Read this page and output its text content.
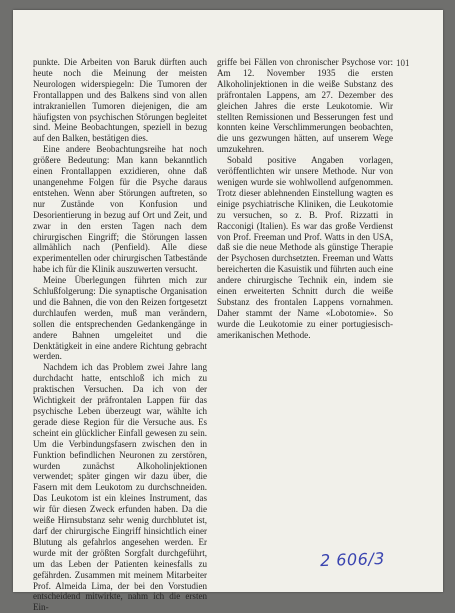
punkte. Die Arbeiten von Baruk dürften auch heute noch die Meinung der meisten Neurologen widerspiegeln: Die Tumoren der Frontallappen und des Balkens sind von allen intrakraniellen Tumoren diejenigen, die am häufigsten von psychischen Störungen begleitet sind. Meine Beobachtungen, speziell in bezug auf den Balken, bestätigen dies.

Eine andere Beobachtungsreihe hat noch größere Bedeutung: Man kann bekanntlich einen Frontallappen exzidieren, ohne daß unangenehme Folgen für die Psyche daraus entstehen. Wenn aber Störungen auftreten, so nur Zustände von Konfusion und Desorientierung in bezug auf Ort und Zeit, und zwar in den ersten Tagen nach dem chirurgischen Eingriff; die Störungen lassen allmählich nach (Penfield). Alle diese experimentellen oder chirurgischen Tatbestände habe ich für die Klinik auszuwerten versucht.

Meine Überlegungen führten mich zur Schlußfolgerung: Die synaptische Organisation und die Bahnen, die von den Reizen fortgesetzt durchlaufen werden, muß man verändern, sollen die entsprechenden Gedankengänge in andere Bahnen umgeleitet und die Denktätigkeit in eine andere Richtung gebracht werden.

Nachdem ich das Problem zwei Jahre lang durchdacht hatte, entschloß ich mich zu praktischen Versuchen. Da ich von der Wichtigkeit der präfrontalen Lappen für das psychische Leben überzeugt war, wählte ich gerade diese Region für die Versuche aus. Es scheint ein glücklicher Einfall gewesen zu sein. Um die Verbindungsfasern zwischen den in Funktion befindlichen Neuronen zu zerstören, wurden zunächst Alkoholinjektionen verwendet; später gingen wir dazu über, die Fasern mit dem Leukotom zu durchschneiden. Das Leukotom ist ein kleines Instrument, das wir für diesen Zweck erfunden haben. Da die weiße Hirnsubstanz sehr wenig durchblutet ist, darf der chirurgische Eingriff hinsichtlich einer Blutung als gefahrlos angesehen werden. Er wurde mit der größten Sorgfalt durchgeführt, um das Leben der Patienten keinesfalls zu gefährden. Zusammen mit meinem Mitarbeiter Prof. Almeida Lima, der bei den Vorstudien entscheidend mitwirkte, nahm ich die ersten Ein-

griffe bei Fällen von chronischer Psychose vor: Am 12. November 1935 die ersten Alkoholinjektionen in die weiße Substanz des präfrontalen Lappens, am 27. Dezember des gleichen Jahres die erste Leukotomie. Wir stellten Remissionen und Besserungen fest und konnten keine Verschlimmerungen beobachten, die uns gezwungen hätten, auf unserem Wege umzukehren.

Sobald positive Angaben vorlagen, veröffentlichten wir unsere Methode. Nur von wenigen wurde sie wohlwollend aufgenommen. Trotz dieser ablehnenden Einstellung wagten es einige psychiatrische Kliniken, die Leukotomie zu versuchen, so z. B. Prof. Rizzatti in Racconigi (Italien). Es war das große Verdienst von Prof. Freeman und Prof. Watts in den USA, daß sie die neue Methode als günstige Therapie der Psychosen durchsetzten. Freeman und Watts bereicherten die Kasuistik und führten auch eine andere chirurgische Technik ein, indem sie einen erweiterten Schnitt durch die weiße Substanz des frontalen Lappens vornahmen. Daher stammt der Name «Lobotomie». So wurde die Leukotomie zu einer portugiesisch-amerikanischen Methode.

101
2 606/3
